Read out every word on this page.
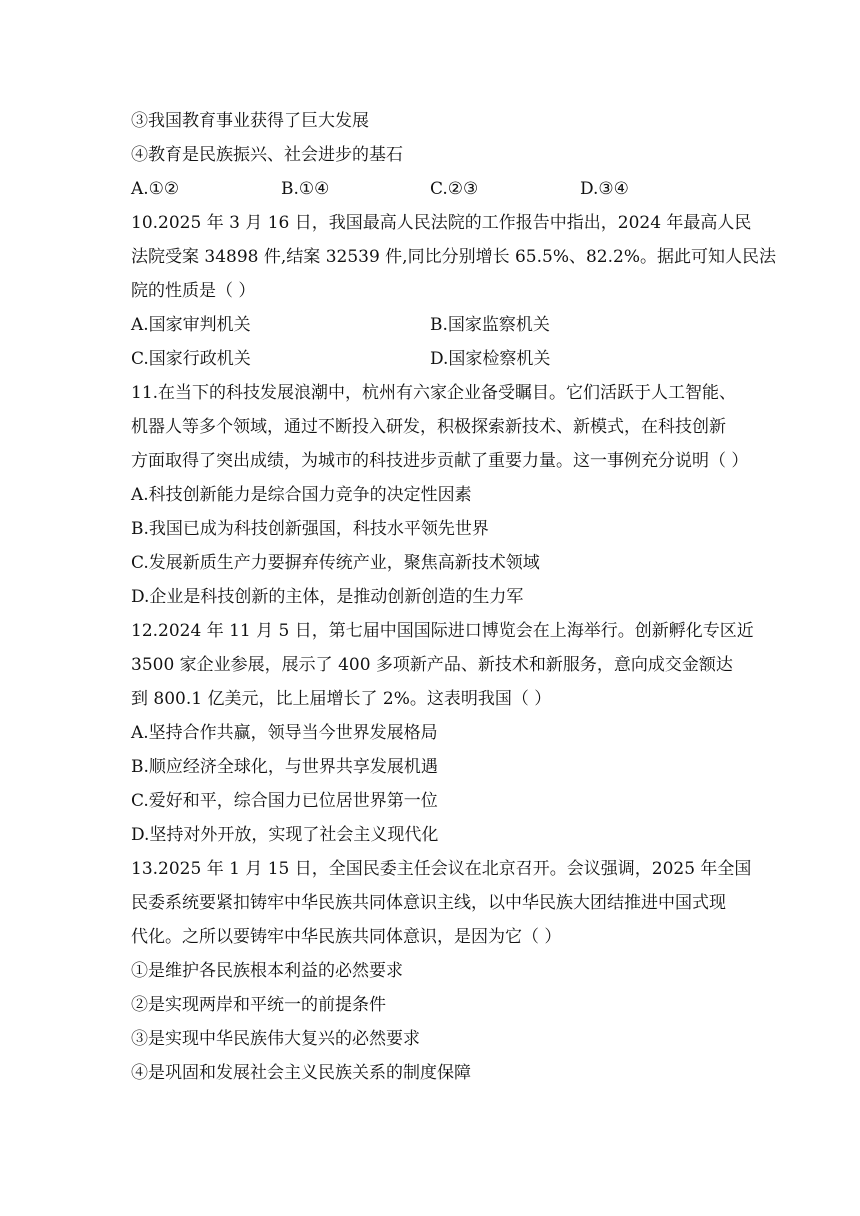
③我国教育事业获得了巨大发展
④教育是民族振兴、社会进步的基石
A.①②	B.①④	C.②③	D.③④
10.2025 年 3 月 16 日，我国最高人民法院的工作报告中指出，2024 年最高人民
法院受案 34898 件,结案 32539 件,同比分别增长 65.5%、82.2%。据此可知人民法
院的性质是（ ）
A.国家审判机关	B.国家监察机关
C.国家行政机关	D.国家检察机关
11.在当下的科技发展浪潮中，杭州有六家企业备受瞩目。它们活跃于人工智能、
机器人等多个领域，通过不断投入研发，积极探索新技术、新模式，在科技创新
方面取得了突出成绩，为城市的科技进步贡献了重要力量。这一事例充分说明（ ）
A.科技创新能力是综合国力竞争的决定性因素
B.我国已成为科技创新强国，科技水平领先世界
C.发展新质生产力要摒弃传统产业，聚焦高新技术领域
D.企业是科技创新的主体，是推动创新创造的生力军
12.2024 年 11 月 5 日，第七届中国国际进口博览会在上海举行。创新孵化专区近
3500 家企业参展，展示了 400 多项新产品、新技术和新服务，意向成交金额达
到 800.1 亿美元，比上届增长了 2%。这表明我国（ ）
A.坚持合作共赢，领导当今世界发展格局
B.顺应经济全球化，与世界共享发展机遇
C.爱好和平，综合国力已位居世界第一位
D.坚持对外开放，实现了社会主义现代化
13.2025 年 1 月 15 日，全国民委主任会议在北京召开。会议强调，2025 年全国
民委系统要紧扣铸牢中华民族共同体意识主线，以中华民族大团结推进中国式现
代化。之所以要铸牢中华民族共同体意识，是因为它（ ）
①是维护各民族根本利益的必然要求
②是实现两岸和平统一的前提条件
③是实现中华民族伟大复兴的必然要求
④是巩固和发展社会主义民族关系的制度保障
